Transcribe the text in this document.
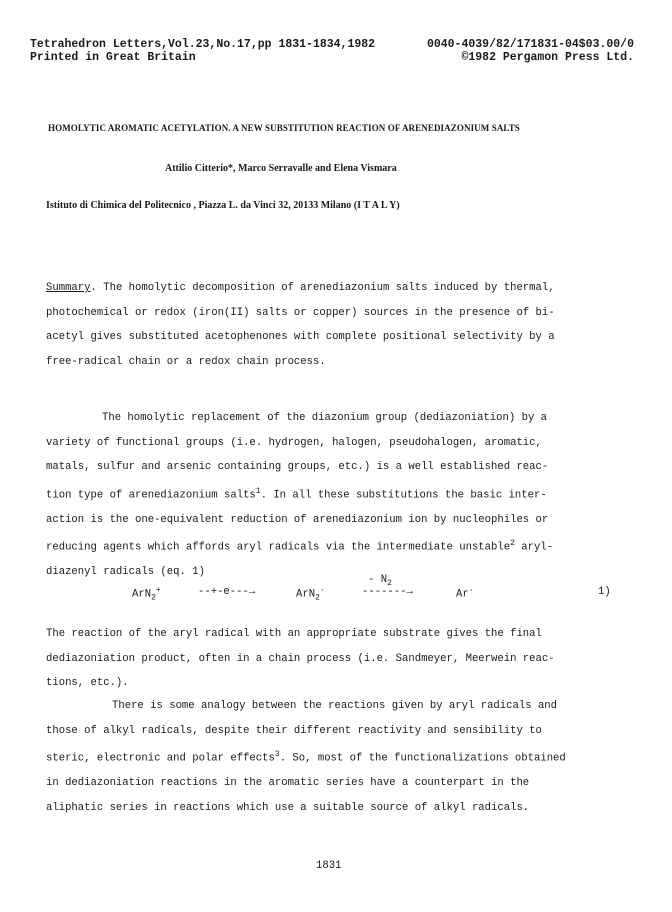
Tetrahedron Letters,Vol.23,No.17,pp 1831-1834,1982	0040-4039/82/171831-04$03.00/0
Printed in Great Britain	©1982 Pergamon Press Ltd.
HOMOLYTIC AROMATIC ACETYLATION. A NEW SUBSTITUTION REACTION OF ARENEDIAZONIUM SALTS
Attilio Citterio*, Marco Serravalle and Elena Vismara
Istituto di Chimica del Politecnico , Piazza L. da Vinci 32, 20133 Milano (I T A L Y)
Summary. The homolytic decomposition of arenediazonium salts induced by thermal,
photochemical or redox (iron(II) salts or copper) sources in the presence of bi-
acetyl gives substituted acetophenones with complete positional selectivity by a
free-radical chain or a redox chain process.
The homolytic replacement of the diazonium group (dediazoniation) by a
variety of functional groups (i.e. hydrogen, halogen, pseudohalogen, aromatic,
matals, sulfur and arsenic containing groups, etc.) is a well established reac-
tion type of arenediazonium salts$^1$. In all these substitutions the basic inter-
action is the one-equivalent reduction of arenediazonium ion by nucleophiles or
reducing agents which affords aryl radicals via the intermediate unstable$^2$ aryl-
diazenyl radicals (eq. 1)
ArN$_2$+	--+-e---→	ArN$_2$·
- $N_2$
-------→	Ar·	1)
The reaction of the aryl radical with an appropriate substrate gives the final
dediazoniation product, often in a chain process (i.e. Sandmeyer, Meerwein reac-
tions, etc.).
There is some analogy between the reactions given by aryl radicals and
those of alkyl radicals, despite their different reactivity and sensibility to
steric, electronic and polar effects$^3$. So, most of the functionalizations obtained
in dediazoniation reactions in the aromatic series have a counterpart in the
aliphatic series in reactions which use a suitable source of alkyl radicals.
1831
